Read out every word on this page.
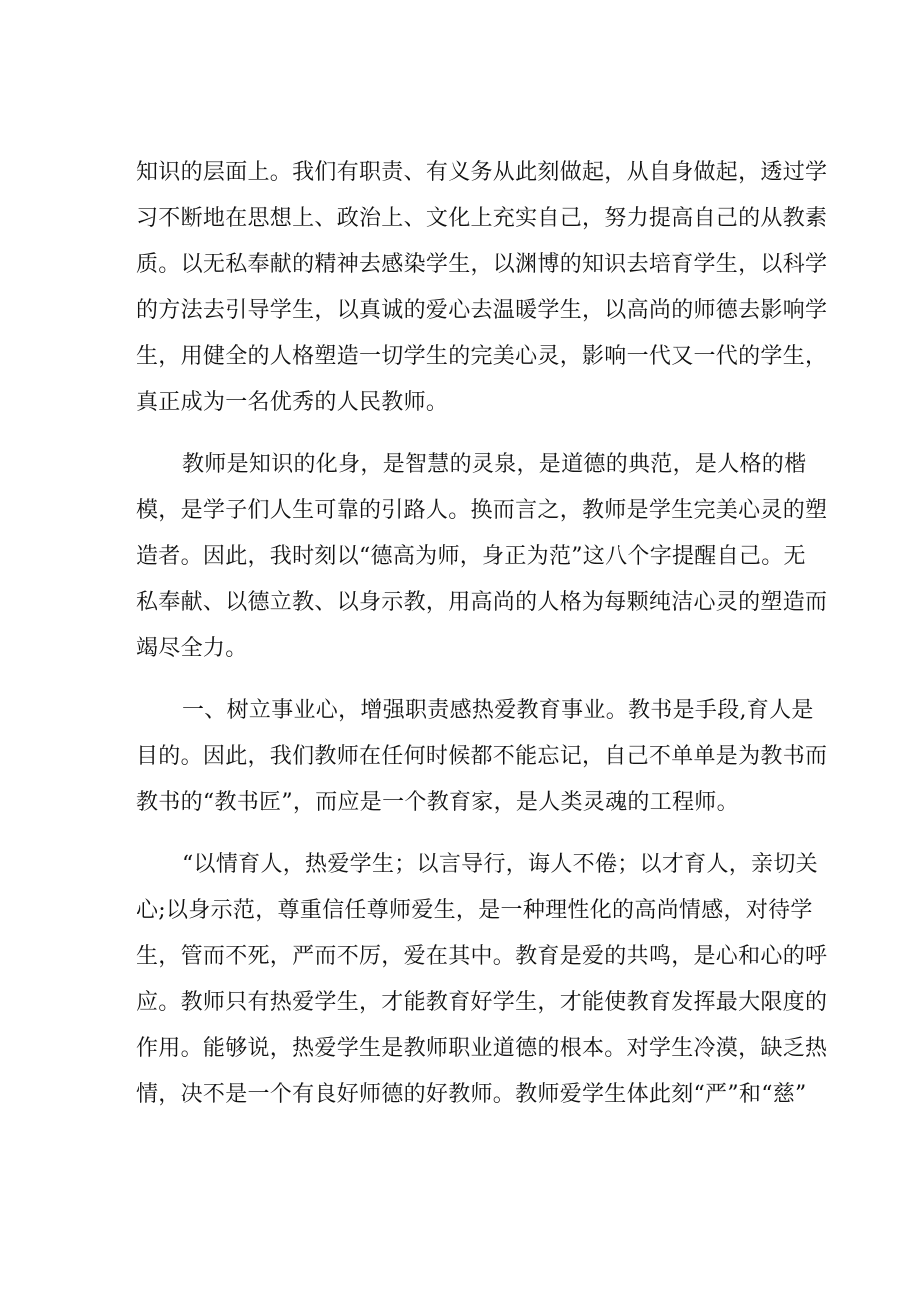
知识的层面上。我们有职责、有义务从此刻做起，从自身做起，透过学
习不断地在思想上、政治上、文化上充实自己，努力提高自己的从教素
质。以无私奉献的精神去感染学生，以渊博的知识去培育学生，以科学
的方法去引导学生，以真诚的爱心去温暖学生，以高尚的师德去影响学
生，用健全的人格塑造一切学生的完美心灵，影响一代又一代的学生，
真正成为一名优秀的人民教师。
教师是知识的化身，是智慧的灵泉，是道德的典范，是人格的楷
模，是学子们人生可靠的引路人。换而言之，教师是学生完美心灵的塑
造者。因此，我时刻以“德高为师，身正为范”这八个字提醒自己。无
私奉献、以德立教、以身示教，用高尚的人格为每颗纯洁心灵的塑造而
竭尽全力。
一、树立事业心，增强职责感热爱教育事业。教书是手段,育人是
目的。因此，我们教师在任何时候都不能忘记，自己不单单是为教书而
教书的“教书匠”，而应是一个教育家，是人类灵魂的工程师。
“以情育人，热爱学生；以言导行，诲人不倦；以才育人，亲切关
心;以身示范，尊重信任尊师爱生，是一种理性化的高尚情感，对待学
生，管而不死，严而不厉，爱在其中。教育是爱的共鸣，是心和心的呼
应。教师只有热爱学生，才能教育好学生，才能使教育发挥最大限度的
作用。能够说，热爱学生是教师职业道德的根本。对学生冷漠，缺乏热
情，决不是一个有良好师德的好教师。教师爱学生体此刻“严”和“慈”
